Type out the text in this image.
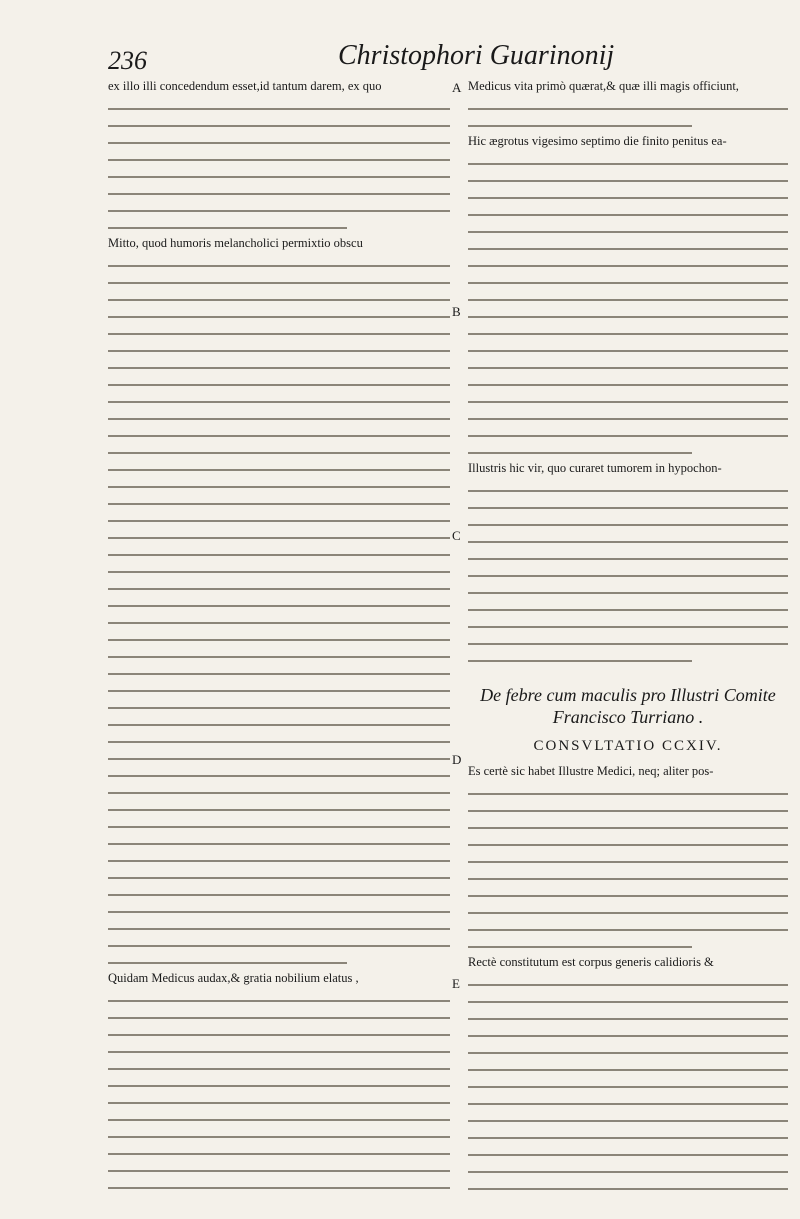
236	Christophori Guarinonij
A
B
C
D
E

ex illo illi concedendum esset,id tantum darem, ex quo

Mitto, quod humoris melancholici permixtio obscu

Quidam Medicus audax,& gratia nobilium elatus ,

Medicus vita primò quærat,& quæ illi magis officiunt,

Hic ægrotus vigesimo septimo die finito penitus ea-

Illustris hic vir, quo curaret tumorem in hypochon-

De febre cum maculis pro Illustri Comite Francisco Turriano .
CONSVLTATIO CCXIV.

Es certè sic habet Illustre Medici, neq; aliter pos-

Rectè constitutum est corpus generis calidioris &
